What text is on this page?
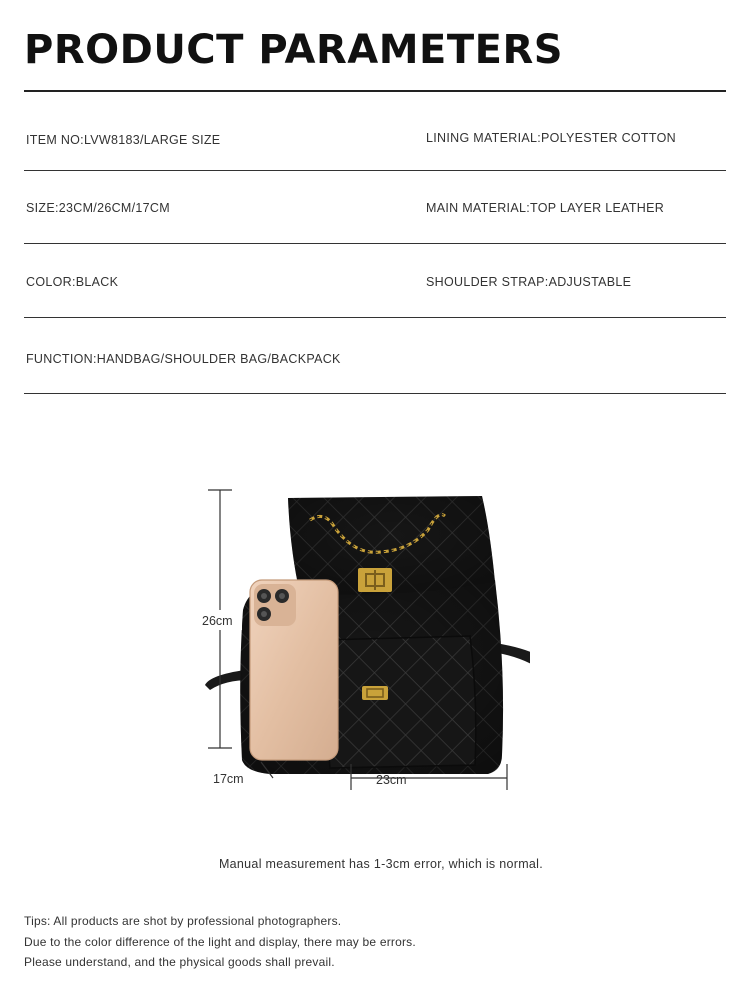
PRODUCT PARAMETERS
ITEM NO:LVW8183/LARGE SIZE	LINING MATERIAL:POLYESTER COTTON
SIZE:23CM/26CM/17CM	MAIN MATERIAL:TOP LAYER LEATHER
COLOR:BLACK	SHOULDER STRAP:ADJUSTABLE
FUNCTION:HANDBAG/SHOULDER BAG/BACKPACK
26cm
17cm	23cm
Manual measurement has 1-3cm error, which is normal.
Tips: All products are shot by professional photographers.
Due to the color difference of the light and display, there may be errors.
Please understand, and the physical goods shall prevail.
